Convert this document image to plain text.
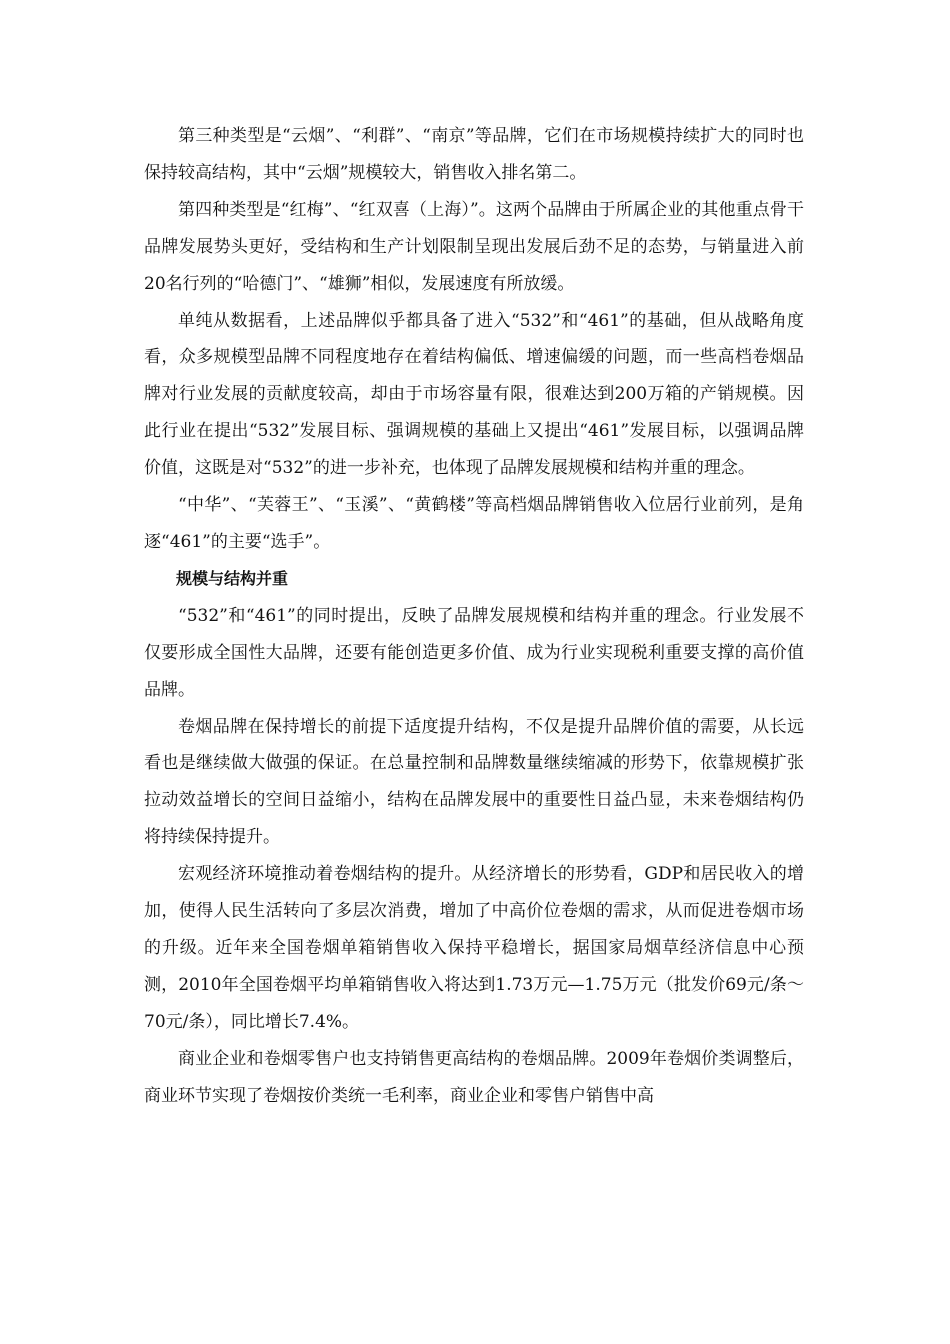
第三种类型是“云烟”、“利群”、“南京”等品牌，它们在市场规模持续扩大的同时也保持较高结构，其中“云烟”规模较大，销售收入排名第二。

第四种类型是“红梅”、“红双喜（上海）”。这两个品牌由于所属企业的其他重点骨干品牌发展势头更好，受结构和生产计划限制呈现出发展后劲不足的态势，与销量进入前20名行列的“哈德门”、“雄狮”相似，发展速度有所放缓。

单纯从数据看，上述品牌似乎都具备了进入“532”和“461”的基础，但从战略角度看，众多规模型品牌不同程度地存在着结构偏低、增速偏缓的问题，而一些高档卷烟品牌对行业发展的贡献度较高，却由于市场容量有限，很难达到200万箱的产销规模。因此行业在提出“532”发展目标、强调规模的基础上又提出“461”发展目标，以强调品牌价值，这既是对“532”的进一步补充，也体现了品牌发展规模和结构并重的理念。

“中华”、“芙蓉王”、“玉溪”、“黄鹤楼”等高档烟品牌销售收入位居行业前列，是角逐“461”的主要“选手”。

规模与结构并重

“532”和“461”的同时提出，反映了品牌发展规模和结构并重的理念。行业发展不仅要形成全国性大品牌，还要有能创造更多价值、成为行业实现税利重要支撑的高价值品牌。

卷烟品牌在保持增长的前提下适度提升结构，不仅是提升品牌价值的需要，从长远看也是继续做大做强的保证。在总量控制和品牌数量继续缩减的形势下，依靠规模扩张拉动效益增长的空间日益缩小，结构在品牌发展中的重要性日益凸显，未来卷烟结构仍将持续保持提升。

宏观经济环境推动着卷烟结构的提升。从经济增长的形势看，GDP和居民收入的增加，使得人民生活转向了多层次消费，增加了中高价位卷烟的需求，从而促进卷烟市场的升级。近年来全国卷烟单箱销售收入保持平稳增长，据国家局烟草经济信息中心预测，2010年全国卷烟平均单箱销售收入将达到1.73万元—1.75万元（批发价69元/条～70元/条），同比增长7.4%。

商业企业和卷烟零售户也支持销售更高结构的卷烟品牌。2009年卷烟价类调整后，商业环节实现了卷烟按价类统一毛利率，商业企业和零售户销售中高
